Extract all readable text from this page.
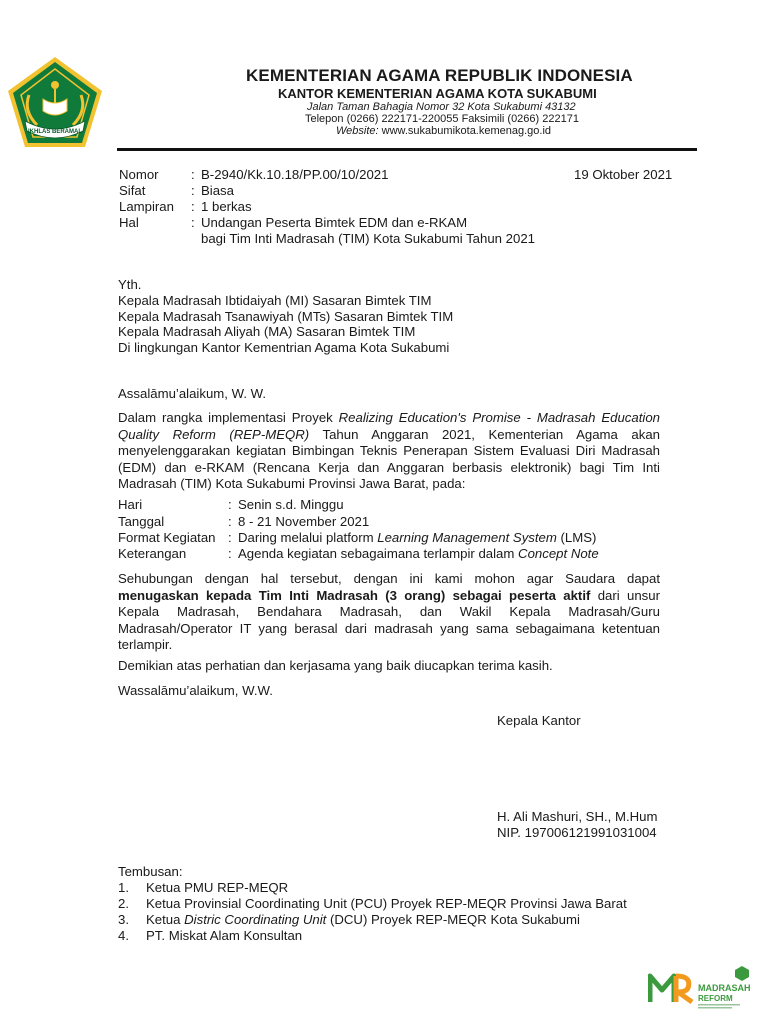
IKHLAS BERAMAL
KEMENTERIAN AGAMA REPUBLIK INDONESIA
KANTOR KEMENTERIAN AGAMA KOTA SUKABUMI
Jalan Taman Bahagia Nomor 32 Kota Sukabumi 43132
Telepon (0266) 222171-220055 Faksimili (0266) 222171
Website: www.sukabumikota.kemenag.go.id
Nomor : B-2940/Kk.10.18/PP.00/10/2021	19 Oktober 2021
Sifat	: Biasa
Lampiran : 1 berkas
Hal	: Undangan Peserta Bimtek EDM dan e-RKAM
bagi Tim Inti Madrasah (TIM) Kota Sukabumi Tahun 2021
Yth.
Kepala Madrasah Ibtidaiyah (MI) Sasaran Bimtek TIM
Kepala Madrasah Tsanawiyah (MTs) Sasaran Bimtek TIM
Kepala Madrasah Aliyah (MA) Sasaran Bimtek TIM
Di lingkungan Kantor Kementrian Agama Kota Sukabumi
Assalāmu’alaikum, W. W.
Dalam rangka implementasi Proyek Realizing Education's Promise - Madrasah Education Quality Reform (REP-MEQR) Tahun Anggaran 2021, Kementerian Agama akan menyelenggarakan kegiatan Bimbingan Teknis Penerapan Sistem Evaluasi Diri Madrasah (EDM) dan e-RKAM (Rencana Kerja dan Anggaran berbasis elektronik) bagi Tim Inti Madrasah (TIM) Kota Sukabumi Provinsi Jawa Barat, pada:
Hari	: Senin s.d. Minggu
Tanggal	: 8 - 21 November 2021
Format Kegiatan : Daring melalui platform Learning Management System (LMS)
Keterangan	: Agenda kegiatan sebagaimana terlampir dalam Concept Note
Sehubungan dengan hal tersebut, dengan ini kami mohon agar Saudara dapat menugaskan kepada Tim Inti Madrasah (3 orang) sebagai peserta aktif dari unsur Kepala Madrasah, Bendahara Madrasah, dan Wakil Kepala Madrasah/Guru Madrasah/Operator IT yang berasal dari madrasah yang sama sebagaimana ketentuan terlampir.
Demikian atas perhatian dan kerjasama yang baik diucapkan terima kasih.
Wassalāmu’alaikum, W.W.
Kepala Kantor
H. Ali Mashuri, SH., M.Hum
NIP. 197006121991031004
Tembusan:
1. Ketua PMU REP-MEQR
2. Ketua Provinsial Coordinating Unit (PCU) Proyek REP-MEQR Provinsi Jawa Barat
3. Ketua Distric Coordinating Unit (DCU) Proyek REP-MEQR Kota Sukabumi
4. PT. Miskat Alam Konsultan
MADRASAH
REFORM
